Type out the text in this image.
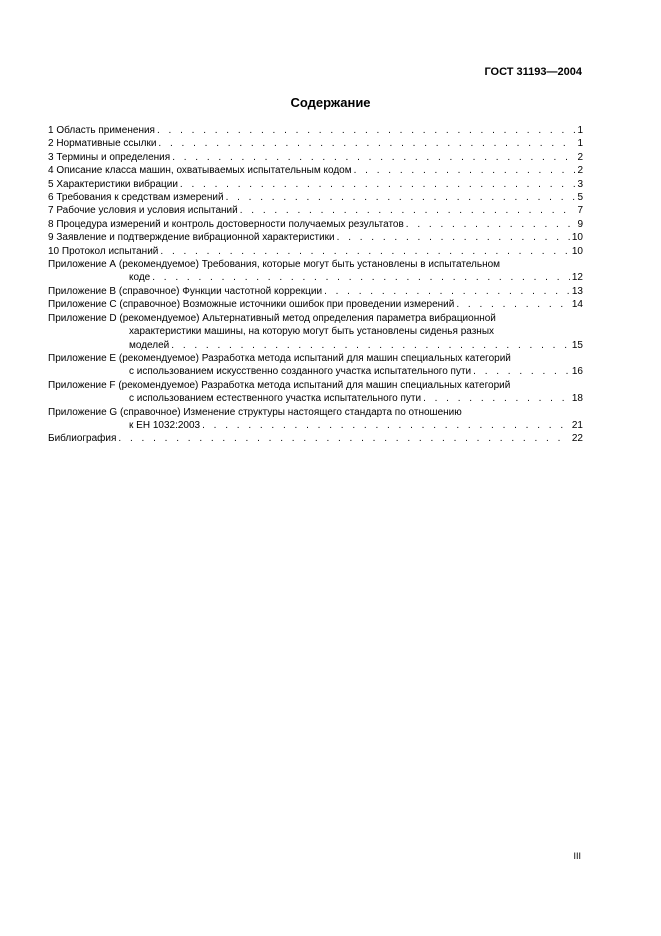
ГОСТ 31193—2004
Содержание
1 Область применения . . .	1
2 Нормативные ссылки . . .	1
3 Термины и определения . . .	2
4 Описание класса машин, охватываемых испытательным кодом . . .	2
5 Характеристики вибрации . . .	3
6 Требования к средствам измерений . . .	5
7 Рабочие условия и условия испытаний . . .	7
8 Процедура измерений и контроль достоверности получаемых результатов . . .	9
9 Заявление и подтверждение вибрационной характеристики . . .	10
10 Протокол испытаний . . .	10
Приложение А (рекомендуемое) Требования, которые могут быть установлены в испытательном
коде . . .	12
Приложение В (справочное) Функции частотной коррекции . . .	13
Приложение С (справочное) Возможные источники ошибок при проведении измерений . . .	14
Приложение D (рекомендуемое) Альтернативный метод определения параметра вибрационной
характеристики машины, на которую могут быть установлены сиденья разных
моделей . . .	15
Приложение Е (рекомендуемое) Разработка метода испытаний для машин специальных категорий
с использованием искусственно созданного участка испытательного пути . . .	16
Приложение F (рекомендуемое) Разработка метода испытаний для машин специальных категорий
с использованием естественного участка испытательного пути . . .	18
Приложение G (справочное) Изменение структуры настоящего стандарта по отношению
к ЕН 1032:2003 . . .	21
Библиография . . .	22
III
